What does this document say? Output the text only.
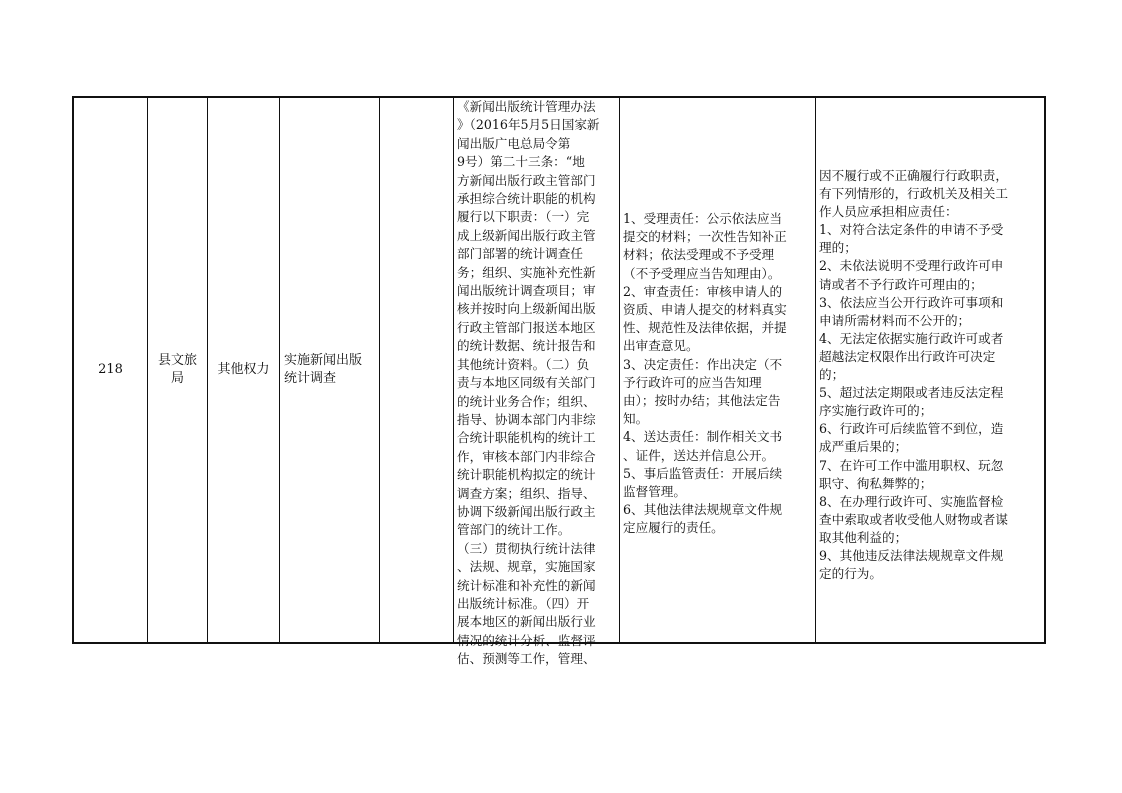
218
县文旅
局
其他权力
实施新闻出版
统计调查
《新闻出版统计管理办法
》（2016年5月5日国家新
闻出版广电总局令第
9号）第二十三条：“地
方新闻出版行政主管部门
承担综合统计职能的机构
履行以下职责：（一）完
成上级新闻出版行政主管
部门部署的统计调查任
务；组织、实施补充性新
闻出版统计调查项目；审
核并按时向上级新闻出版
行政主管部门报送本地区
的统计数据、统计报告和
其他统计资料。（二）负
责与本地区同级有关部门
的统计业务合作；组织、
指导、协调本部门内非综
合统计职能机构的统计工
作，审核本部门内非综合
统计职能机构拟定的统计
调查方案；组织、指导、
协调下级新闻出版行政主
管部门的统计工作。
（三）贯彻执行统计法律
、法规、规章，实施国家
统计标准和补充性的新闻
出版统计标准。（四）开
展本地区的新闻出版行业
情况的统计分析、监督评
估、预测等工作，管理、
1、受理责任：公示依法应当
提交的材料；一次性告知补正
材料；依法受理或不予受理
（不予受理应当告知理由）。
2、审查责任：审核申请人的
资质、申请人提交的材料真实
性、规范性及法律依据，并提
出审查意见。
3、决定责任：作出决定（不
予行政许可的应当告知理
由）；按时办结；其他法定告
知。
4、送达责任：制作相关文书
、证件，送达并信息公开。
5、事后监管责任：开展后续
监督管理。
6、其他法律法规规章文件规
定应履行的责任。
因不履行或不正确履行行政职责，
有下列情形的，行政机关及相关工
作人员应承担相应责任：
1、对符合法定条件的申请不予受
理的；
2、未依法说明不受理行政许可申
请或者不予行政许可理由的；
3、依法应当公开行政许可事项和
申请所需材料而不公开的；
4、无法定依据实施行政许可或者
超越法定权限作出行政许可决定
的；
5、超过法定期限或者违反法定程
序实施行政许可的；
6、行政许可后续监管不到位，造
成严重后果的；
7、在许可工作中滥用职权、玩忽
职守、徇私舞弊的；
8、在办理行政许可、实施监督检
查中索取或者收受他人财物或者谋
取其他利益的；
9、其他违反法律法规规章文件规
定的行为。
